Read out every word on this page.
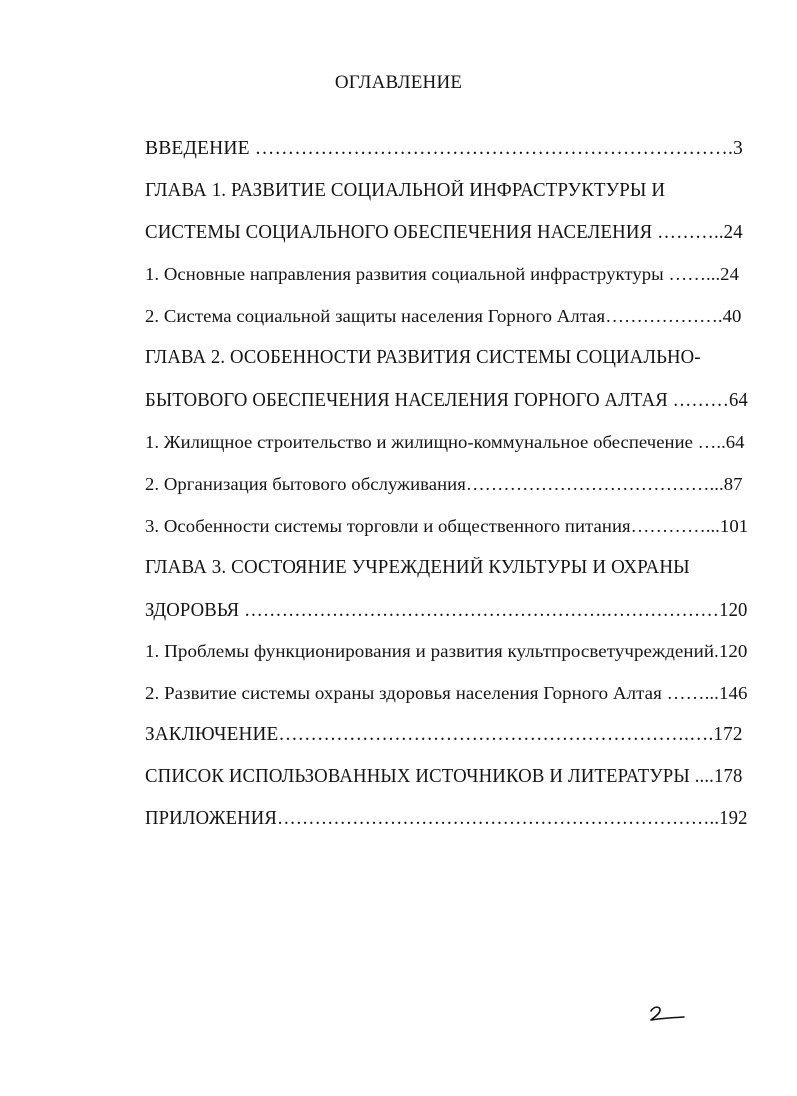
ОГЛАВЛЕНИЕ
ВВЕДЕНИЕ ……………………………………………………………….3
ГЛАВА 1. РАЗВИТИЕ СОЦИАЛЬНОЙ ИНФРАСТРУКТУРЫ И
СИСТЕМЫ СОЦИАЛЬНОГО ОБЕСПЕЧЕНИЯ НАСЕЛЕНИЯ ………..24
1. Основные направления развития социальной инфраструктуры ……...24
2. Система социальной защиты населения Горного Алтая……………….40
ГЛАВА 2. ОСОБЕННОСТИ РАЗВИТИЯ СИСТЕМЫ СОЦИАЛЬНО-
БЫТОВОГО ОБЕСПЕЧЕНИЯ НАСЕЛЕНИЯ ГОРНОГО АЛТАЯ ………64
1. Жилищное строительство и жилищно-коммунальное обеспечение …..64
2. Организация бытового обслуживания…………………………………...87
3. Особенности системы торговли и общественного питания…………...101
ГЛАВА 3. СОСТОЯНИЕ УЧРЕЖДЕНИЙ КУЛЬТУРЫ И ОХРАНЫ
ЗДОРОВЬЯ ………………………………………………….………………120
1. Проблемы функционирования и развития культпросветучреждений.120
2. Развитие системы охраны здоровья населения Горного Алтая ……...146
ЗАКЛЮЧЕНИЕ……………………………………………………….….172
СПИСОК ИСПОЛЬЗОВАННЫХ ИСТОЧНИКОВ И ЛИТЕРАТУРЫ ....178
ПРИЛОЖЕНИЯ……………………………………………………………..192
